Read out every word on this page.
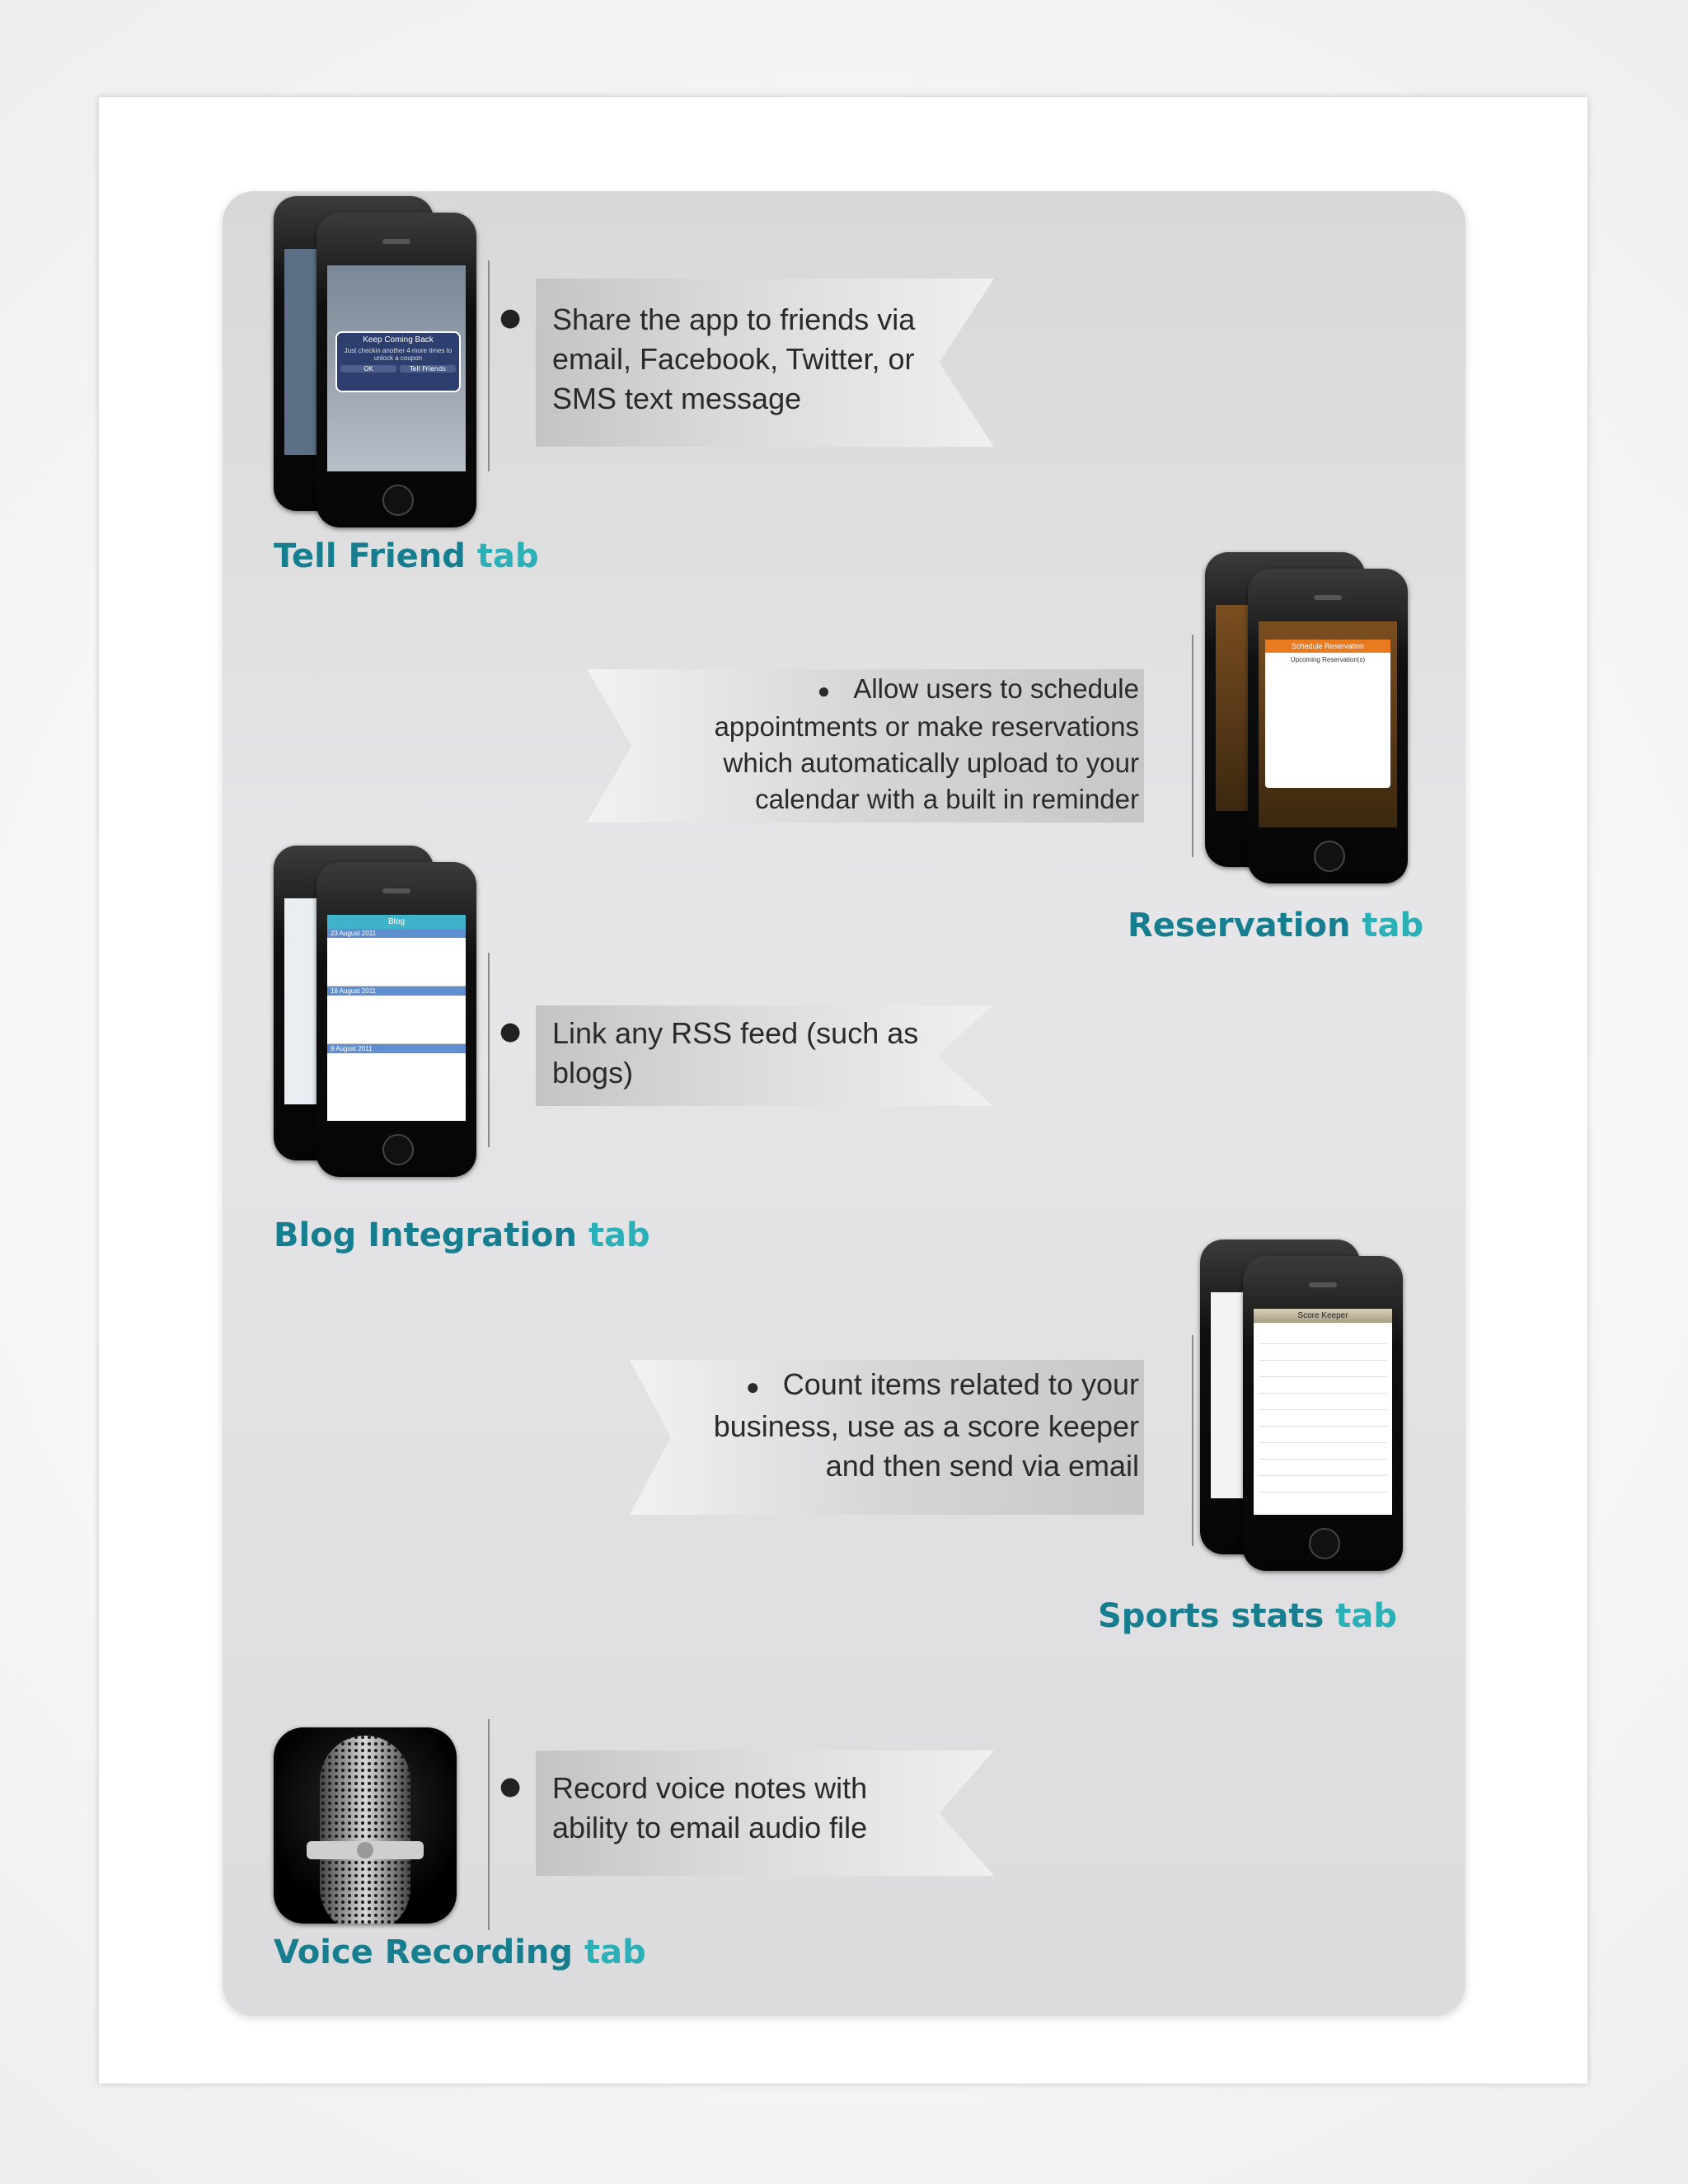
Keep Coming Back
Just checkin another 4 more times to unlock a coupon
OK	Tell Friends
● Share the app to friends via
email, Facebook, Twitter, or
SMS text message
Tell Friend tab
● Allow users to schedule
appointments or make reservations
which automatically upload to your
calendar with a built in reminder
Schedule Reservation
Upcoming Reservation(s)
Reservation tab
Blog
23 August 2011
16 August 2011
9 August 2011
● Link any RSS feed (such as
blogs)
Blog Integration tab
● Count items related to your
business, use as a score keeper
and then send via email
Score Keeper
Sports stats tab
● Record voice notes with
ability to email audio file
Voice Recording tab
